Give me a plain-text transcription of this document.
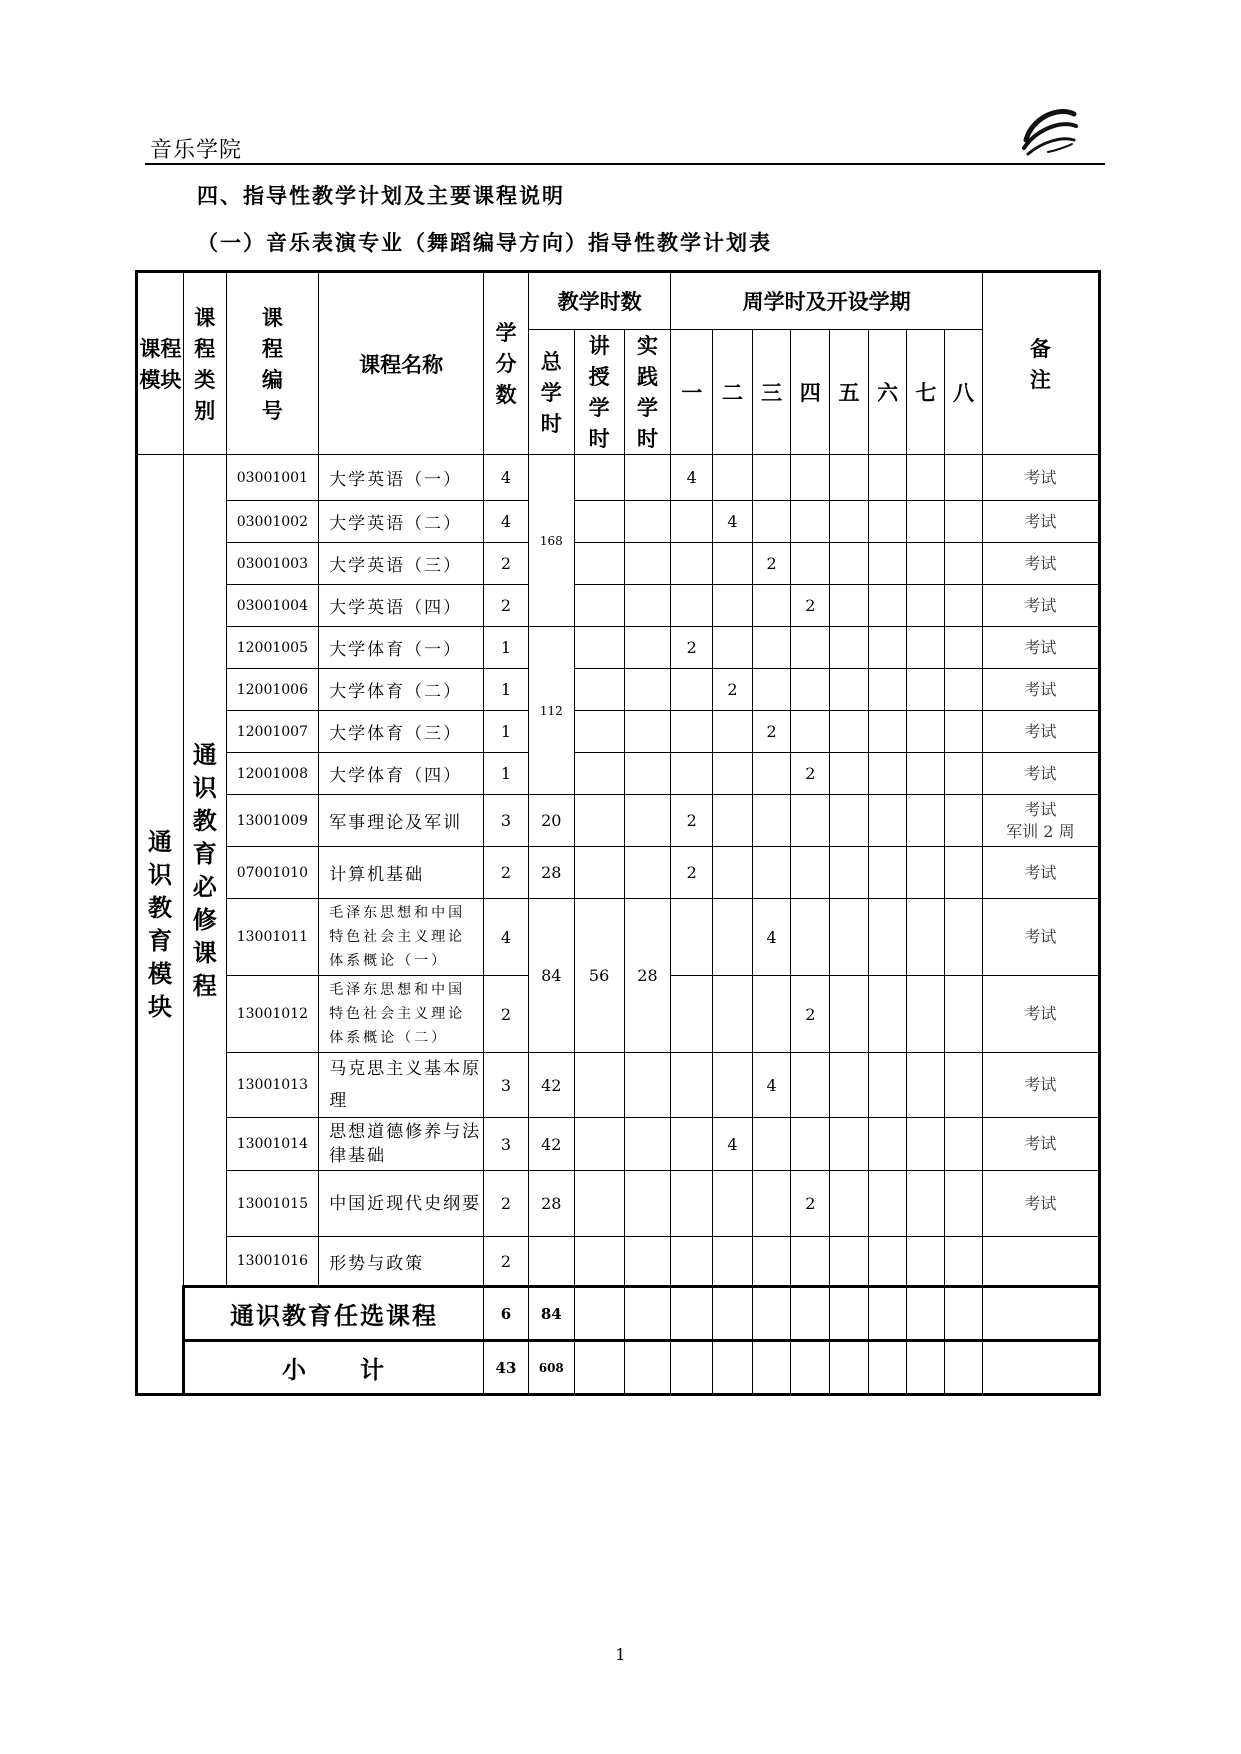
音乐学院
四、指导性教学计划及主要课程说明
（一）音乐表演专业（舞蹈编导方向）指导性教学计划表
课程模块	课程类别	课程编号	课程名称	学分数	教学时数			周学时及开设学期								备注
					总学时	讲授学时	实践学时	一	二	三	四	五	六	七	八	
通识教育模块	通识教育必修课程	03001001	大学英语（一）	4	168			4								考试
		03001002	大学英语（二）	4					4							考试
		03001003	大学英语（三）	2						2						考试
		03001004	大学英语（四）	2							2					考试
		12001005	大学体育（一）	1	112			2								考试
		12001006	大学体育（二）	1					2							考试
		12001007	大学体育（三）	1						2						考试
		12001008	大学体育（四）	1							2					考试
		13001009	军事理论及军训	3	20			2								考试
军训 2 周

		07001010	计算机基础	2	28			2								考试
		13001011	毛泽东思想和中国特色社会主义理论体系概论（一）	4	84	56	28			4						考试
		13001012	毛泽东思想和中国特色社会主义理论体系概论（二）	2							2					考试
		13001013	马克思主义基本原理	3	42					4						考试
		13001014	思想道德修养与法律基础	3	42				4							考试
		13001015	中国近现代史纲要	2	28						2					考试
		13001016	形势与政策	2												
	通识教育任选课程			6	84											
	小　　计			43	608											
1
